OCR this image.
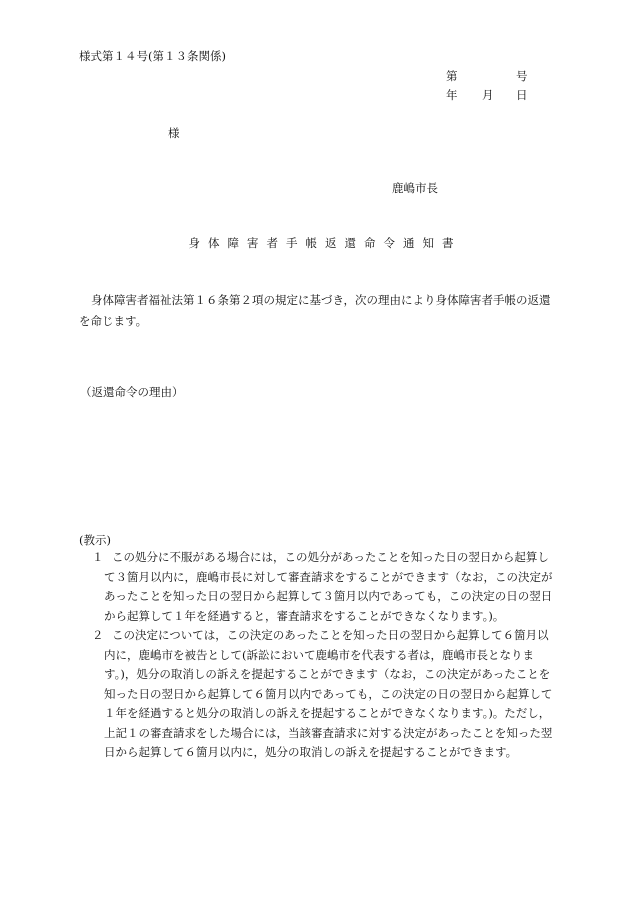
様式第１４号(第１３条関係)
第	号
年 月 日
様
鹿嶋市長
身体障害者手帳返還命令通知書
身体障害者福祉法第１６条第２項の規定に基づき，次の理由により身体障害者手帳の返還を命じます。
（返還命令の理由）
(教示)
１ この処分に不服がある場合には，この処分があったことを知った日の翌日から起算して３箇月以内に，鹿嶋市長に対して審査請求をすることができます（なお，この決定があったことを知った日の翌日から起算して３箇月以内であっても，この決定の日の翌日から起算して１年を経過すると，審査請求をすることができなくなります。)。
２ この決定については，この決定のあったことを知った日の翌日から起算して６箇月以内に，鹿嶋市を被告として(訴訟において鹿嶋市を代表する者は，鹿嶋市長となります。)，処分の取消しの訴えを提起することができます（なお，この決定があったことを知った日の翌日から起算して６箇月以内であっても，この決定の日の翌日から起算して１年を経過すると処分の取消しの訴えを提起することができなくなります。)。ただし，上記１の審査請求をした場合には，当該審査請求に対する決定があったことを知った翌日から起算して６箇月以内に，処分の取消しの訴えを提起することができます。
